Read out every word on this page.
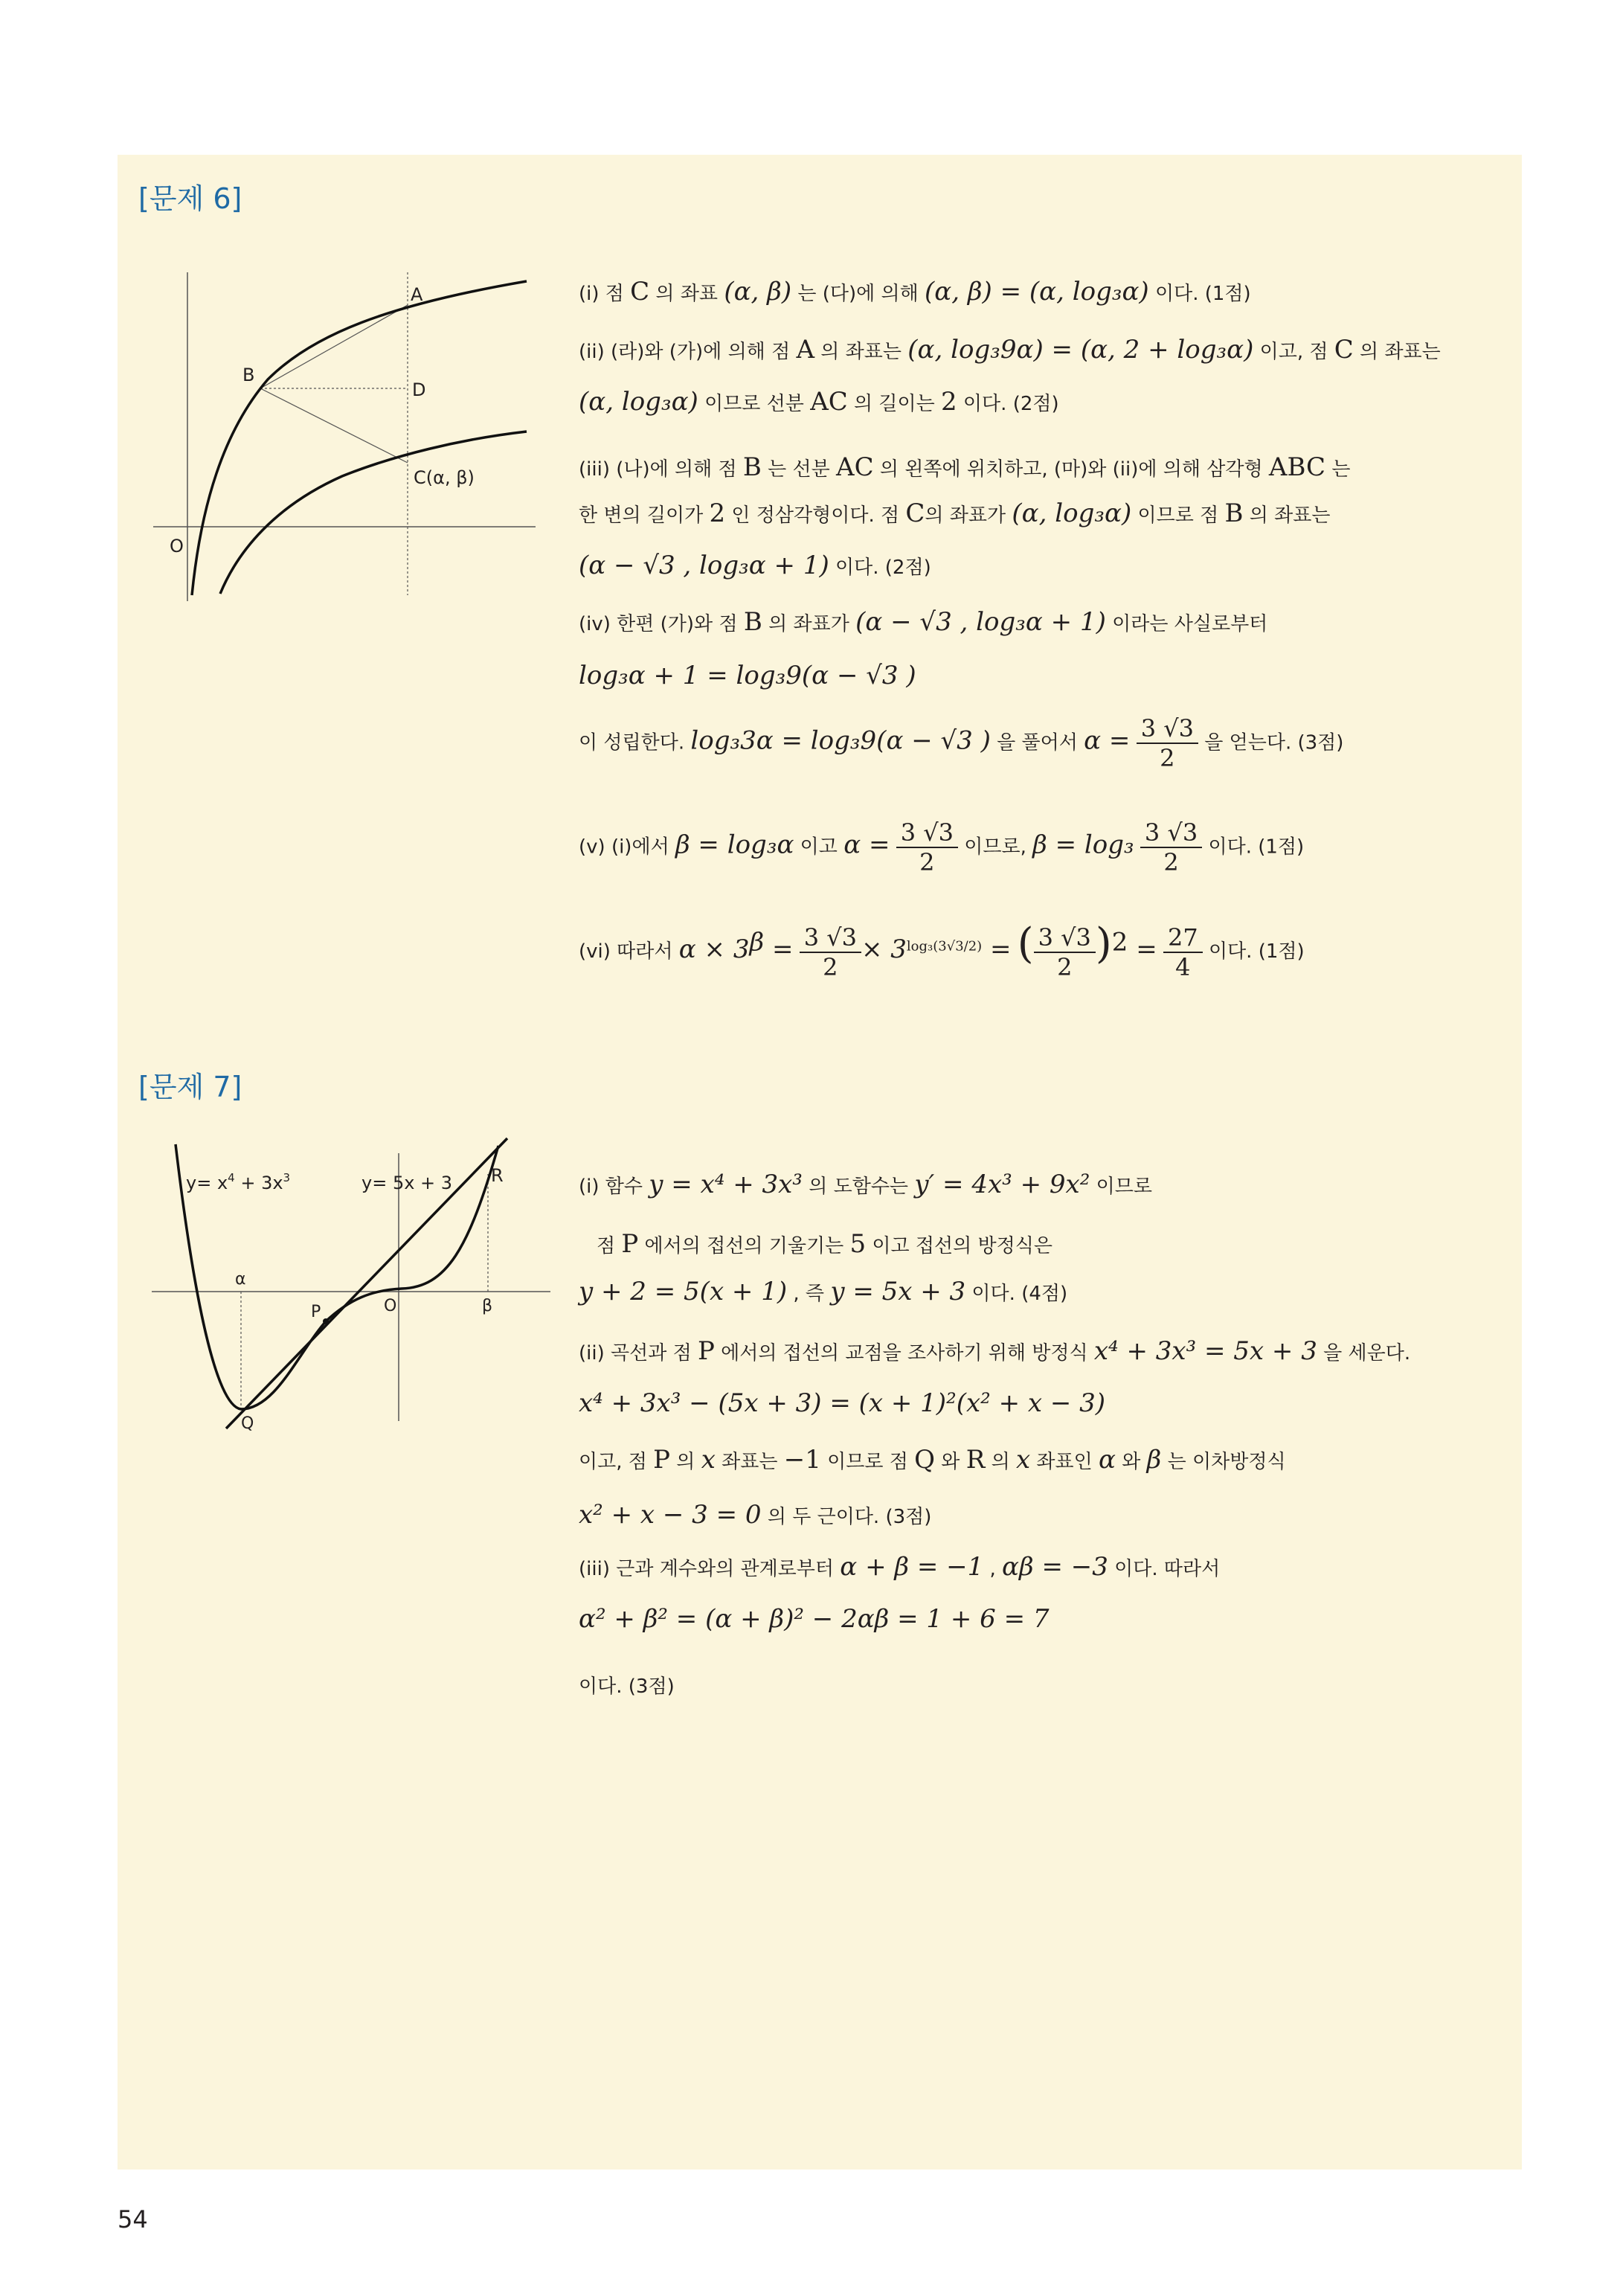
[문제 6]
A
B
D
C(α, β)
O
(i) 점 C 의 좌표 (α, β) 는 (다)에 의해 (α, β) = (α, log₃α) 이다. (1점)
(ii) (라)와 (가)에 의해 점 A 의 좌표는 (α, log₃9α) = (α, 2 + log₃α) 이고, 점 C 의 좌표는
(α, log₃α) 이므로 선분 AC 의 길이는 2 이다. (2점)
(iii) (나)에 의해 점 B 는 선분 AC 의 왼쪽에 위치하고, (마)와 (ii)에 의해 삼각형 ABC 는
한 변의 길이가 2 인 정삼각형이다. 점 C의 좌표가 (α, log₃α) 이므로 점 B 의 좌표는
(α − √3 , log₃α + 1) 이다. (2점)
(iv) 한편 (가)와 점 B 의 좌표가 (α − √3 , log₃α + 1) 이라는 사실로부터
log₃α + 1 = log₃9(α − √3 )
이 성립한다. log₃3α = log₃9(α − √3 ) 을 풀어서 $\alpha = \frac{3 √3}{2}$ 을 얻는다. (3점)
(v) (i)에서 β = log₃α 이고 $\alpha = \frac{3 √3}{2}$ 이므로, $\beta = \log_3 \frac{3 √3}{2}$ 이다. (1점)
(vi) 따라서 $\alpha \times 3^\beta = \frac{3 √3}{2} \times 3^{log_3(3√3/2)}$ = ( $\frac{3 √3}{2} )^2 = \frac{27}{4}$ 이다. (1점)
[문제 7]
$y= x^4 + 3x^3$	y= 5x + 3 R
α
P	O	β
Q
(i) 함수 y = x⁴ + 3x³ 의 도함수는 y′ = 4x³ + 9x² 이므로
점 P 에서의 접선의 기울기는 5 이고 접선의 방정식은
y + 2 = 5(x + 1) , 즉 y = 5x + 3 이다. (4점)
(ii) 곡선과 점 P 에서의 접선의 교점을 조사하기 위해 방정식 x⁴ + 3x³ = 5x + 3 을 세운다.
x⁴ + 3x³ − (5x + 3) = (x + 1)²(x² + x − 3)
이고, 점 P 의 x 좌표는 −1 이므로 점 Q 와 R 의 x 좌표인 α 와 β 는 이차방정식
x² + x − 3 = 0 의 두 근이다. (3점)
(iii) 근과 계수와의 관계로부터 α + β = −1 , αβ = −3 이다. 따라서
α² + β² = (α + β)² − 2αβ = 1 + 6 = 7
이다. (3점)
54
